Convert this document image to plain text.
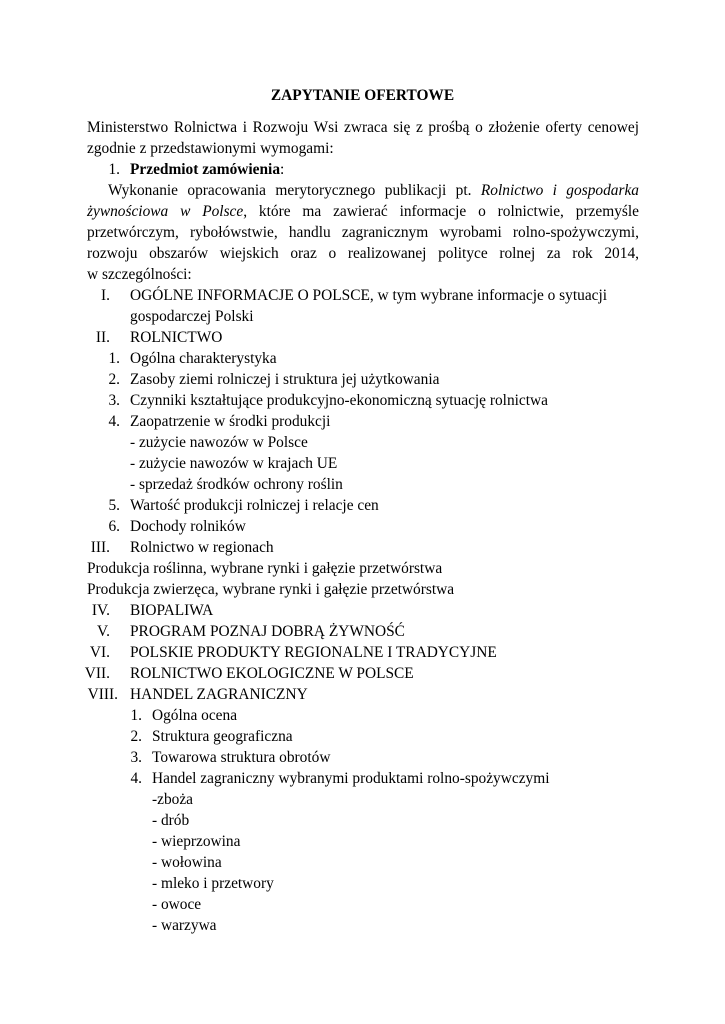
ZAPYTANIE OFERTOWE
Ministerstwo Rolnictwa i Rozwoju Wsi zwraca się z prośbą o złożenie oferty cenowej
zgodnie z przedstawionymi wymogami:
1. Przedmiot zamówienia:
Wykonanie opracowania merytorycznego publikacji pt. Rolnictwo i gospodarka
żywnościowa w Polsce, które ma zawierać informacje o rolnictwie, przemyśle
przetwórczym, rybołówstwie, handlu zagranicznym wyrobami rolno-spożywczymi,
rozwoju obszarów wiejskich oraz o realizowanej polityce rolnej za rok 2014,
w szczególności:
I. OGÓLNE INFORMACJE O POLSCE, w tym wybrane informacje o sytuacji
gospodarczej Polski
II. ROLNICTWO
1. Ogólna charakterystyka
2. Zasoby ziemi rolniczej i struktura jej użytkowania
3. Czynniki kształtujące produkcyjno-ekonomiczną sytuację rolnictwa
4. Zaopatrzenie w środki produkcji
- zużycie nawozów w Polsce
- zużycie nawozów w krajach UE
- sprzedaż środków ochrony roślin
5. Wartość produkcji rolniczej i relacje cen
6. Dochody rolników
III. Rolnictwo w regionach
Produkcja roślinna, wybrane rynki i gałęzie przetwórstwa
Produkcja zwierzęca, wybrane rynki i gałęzie przetwórstwa
IV. BIOPALIWA
V. PROGRAM POZNAJ DOBRĄ ŻYWNOŚĆ
VI. POLSKIE PRODUKTY REGIONALNE I TRADYCYJNE
VII. ROLNICTWO EKOLOGICZNE W POLSCE
VIII. HANDEL ZAGRANICZNY
1. Ogólna ocena
2. Struktura geograficzna
3. Towarowa struktura obrotów
4. Handel zagraniczny wybranymi produktami rolno-spożywczymi
-zboża
- drób
- wieprzowina
- wołowina
- mleko i przetwory
- owoce
- warzywa
